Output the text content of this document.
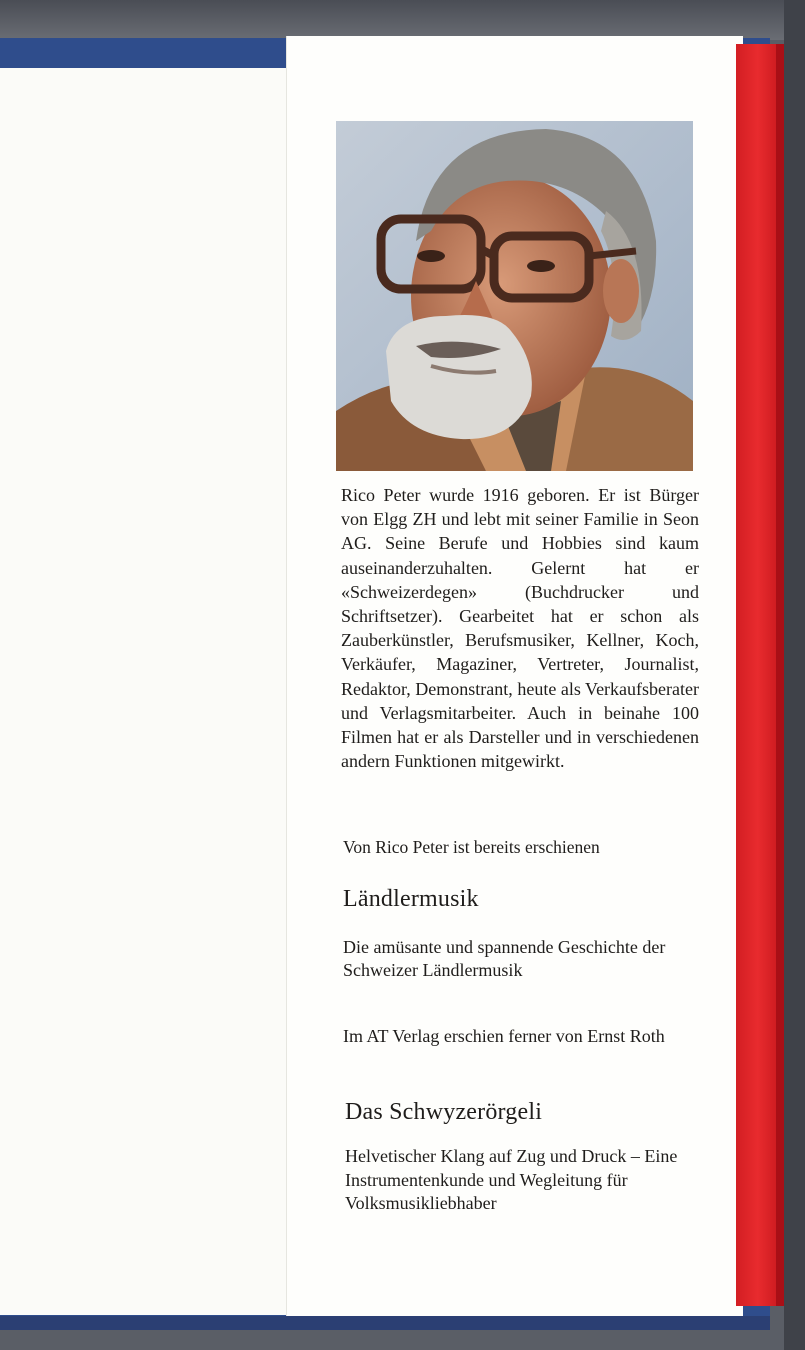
Rico Peter wurde 1916 geboren. Er ist Bürger von Elgg ZH und lebt mit seiner Familie in Seon AG. Seine Berufe und Hobbies sind kaum auseinanderzuhalten. Gelernt hat er «Schweizerdegen» (Buchdrucker und Schriftsetzer). Gearbeitet hat er schon als Zauberkünstler, Berufsmusiker, Kellner, Koch, Verkäufer, Magaziner, Vertreter, Journalist, Redaktor, Demonstrant, heute als Verkaufsberater und Verlagsmitarbeiter. Auch in beinahe 100 Filmen hat er als Darsteller und in verschiedenen andern Funktionen mitgewirkt.
Von Rico Peter ist bereits erschienen
Ländlermusik
Die amüsante und spannende Geschichte der Schweizer Ländlermusik
Im AT Verlag erschien ferner von Ernst Roth
Das Schwyzerörgeli
Helvetischer Klang auf Zug und Druck – Eine Instrumentenkunde und Wegleitung für Volksmusikliebhaber
